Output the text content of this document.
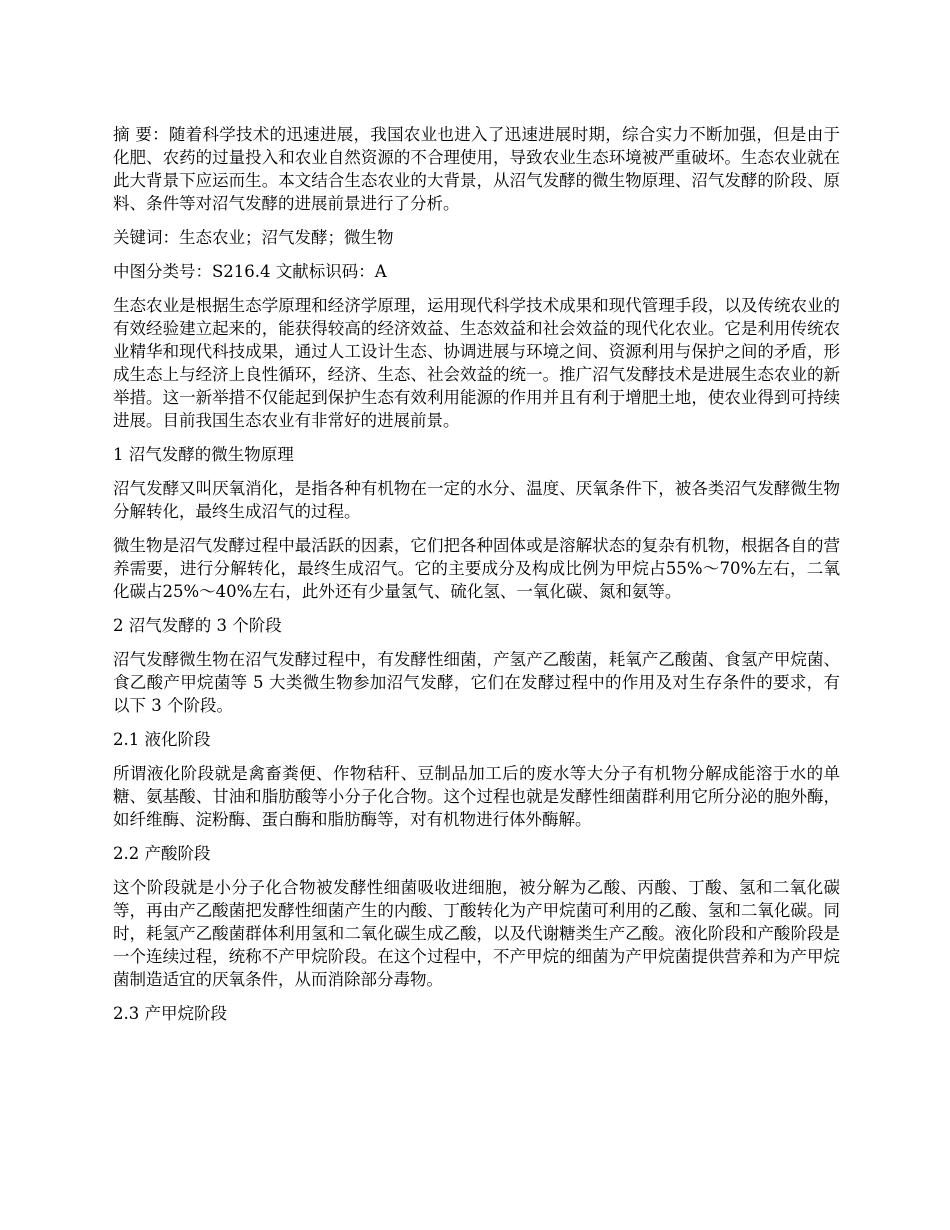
摘 要：随着科学技术的迅速进展，我国农业也进入了迅速进展时期，综合实力不断加强，但是由于化肥、农药的过量投入和农业自然资源的不合理使用，导致农业生态环境被严重破坏。生态农业就在此大背景下应运而生。本文结合生态农业的大背景，从沼气发酵的微生物原理、沼气发酵的阶段、原料、条件等对沼气发酵的进展前景进行了分析。

关键词：生态农业；沼气发酵；微生物

中图分类号：S216.4 文献标识码：A

生态农业是根据生态学原理和经济学原理，运用现代科学技术成果和现代管理手段，以及传统农业的有效经验建立起来的，能获得较高的经济效益、生态效益和社会效益的现代化农业。它是利用传统农业精华和现代科技成果，通过人工设计生态、协调进展与环境之间、资源利用与保护之间的矛盾，形成生态上与经济上良性循环，经济、生态、社会效益的统一。推广沼气发酵技术是进展生态农业的新举措。这一新举措不仅能起到保护生态有效利用能源的作用并且有利于增肥土地，使农业得到可持续进展。目前我国生态农业有非常好的进展前景。

1 沼气发酵的微生物原理

沼气发酵又叫厌氧消化，是指各种有机物在一定的水分、温度、厌氧条件下，被各类沼气发酵微生物分解转化，最终生成沼气的过程。

微生物是沼气发酵过程中最活跃的因素，它们把各种固体或是溶解状态的复杂有机物，根据各自的营养需要，进行分解转化，最终生成沼气。它的主要成分及构成比例为甲烷占55%～70%左右，二氧化碳占25%～40%左右，此外还有少量氢气、硫化氢、一氧化碳、氮和氨等。

2 沼气发酵的 3 个阶段

沼气发酵微生物在沼气发酵过程中，有发酵性细菌，产氢产乙酸菌，耗氧产乙酸菌、食氢产甲烷菌、食乙酸产甲烷菌等 5 大类微生物参加沼气发酵，它们在发酵过程中的作用及对生存条件的要求，有以下 3 个阶段。

2.1 液化阶段

所谓液化阶段就是禽畜粪便、作物秸秆、豆制品加工后的废水等大分子有机物分解成能溶于水的单糖、氨基酸、甘油和脂肪酸等小分子化合物。这个过程也就是发酵性细菌群利用它所分泌的胞外酶，如纤维酶、淀粉酶、蛋白酶和脂肪酶等，对有机物进行体外酶解。

2.2 产酸阶段

这个阶段就是小分子化合物被发酵性细菌吸收进细胞，被分解为乙酸、丙酸、丁酸、氢和二氧化碳等，再由产乙酸菌把发酵性细菌产生的内酸、丁酸转化为产甲烷菌可利用的乙酸、氢和二氧化碳。同时，耗氢产乙酸菌群体利用氢和二氧化碳生成乙酸，以及代谢糖类生产乙酸。液化阶段和产酸阶段是一个连续过程，统称不产甲烷阶段。在这个过程中，不产甲烷的细菌为产甲烷菌提供营养和为产甲烷菌制造适宜的厌氧条件，从而消除部分毒物。

2.3 产甲烷阶段
